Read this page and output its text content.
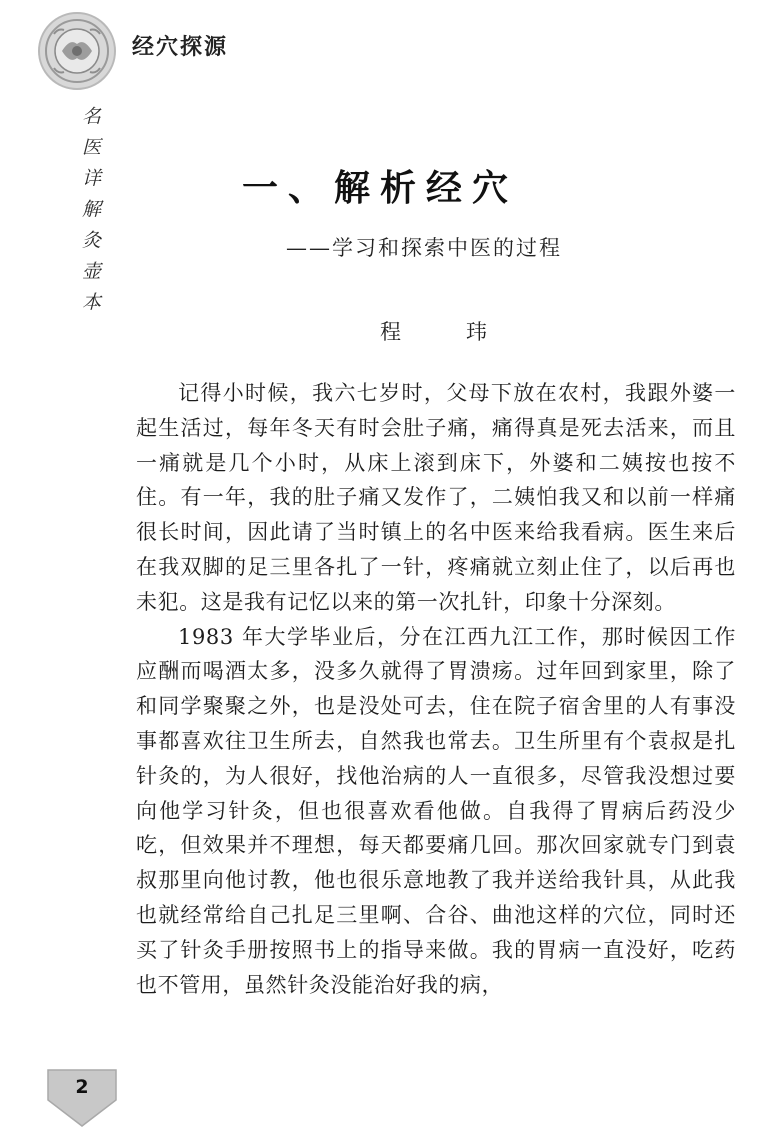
经穴探源
名医详解灸壶本	一、解析经穴
——学习和探索中医的过程
程　玮

记得小时候，我六七岁时，父母下放在农村，我跟外婆一起生活过，每年冬天有时会肚子痛，痛得真是死去活来，而且一痛就是几个小时，从床上滚到床下，外婆和二姨按也按不住。有一年，我的肚子痛又发作了，二姨怕我又和以前一样痛很长时间，因此请了当时镇上的名中医来给我看病。医生来后在我双脚的足三里各扎了一针，疼痛就立刻止住了，以后再也未犯。这是我有记忆以来的第一次扎针，印象十分深刻。

1983 年大学毕业后，分在江西九江工作，那时候因工作应酬而喝酒太多，没多久就得了胃溃疡。过年回到家里，除了和同学聚聚之外，也是没处可去，住在院子宿舍里的人有事没事都喜欢往卫生所去，自然我也常去。卫生所里有个袁叔是扎针灸的，为人很好，找他治病的人一直很多，尽管我没想过要向他学习针灸，但也很喜欢看他做。自我得了胃病后药没少吃，但效果并不理想，每天都要痛几回。那次回家就专门到袁叔那里向他讨教，他也很乐意地教了我并送给我针具，从此我也就经常给自己扎足三里啊、合谷、曲池这样的穴位，同时还买了针灸手册按照书上的指导来做。我的胃病一直没好，吃药也不管用，虽然针灸没能治好我的病，

2
